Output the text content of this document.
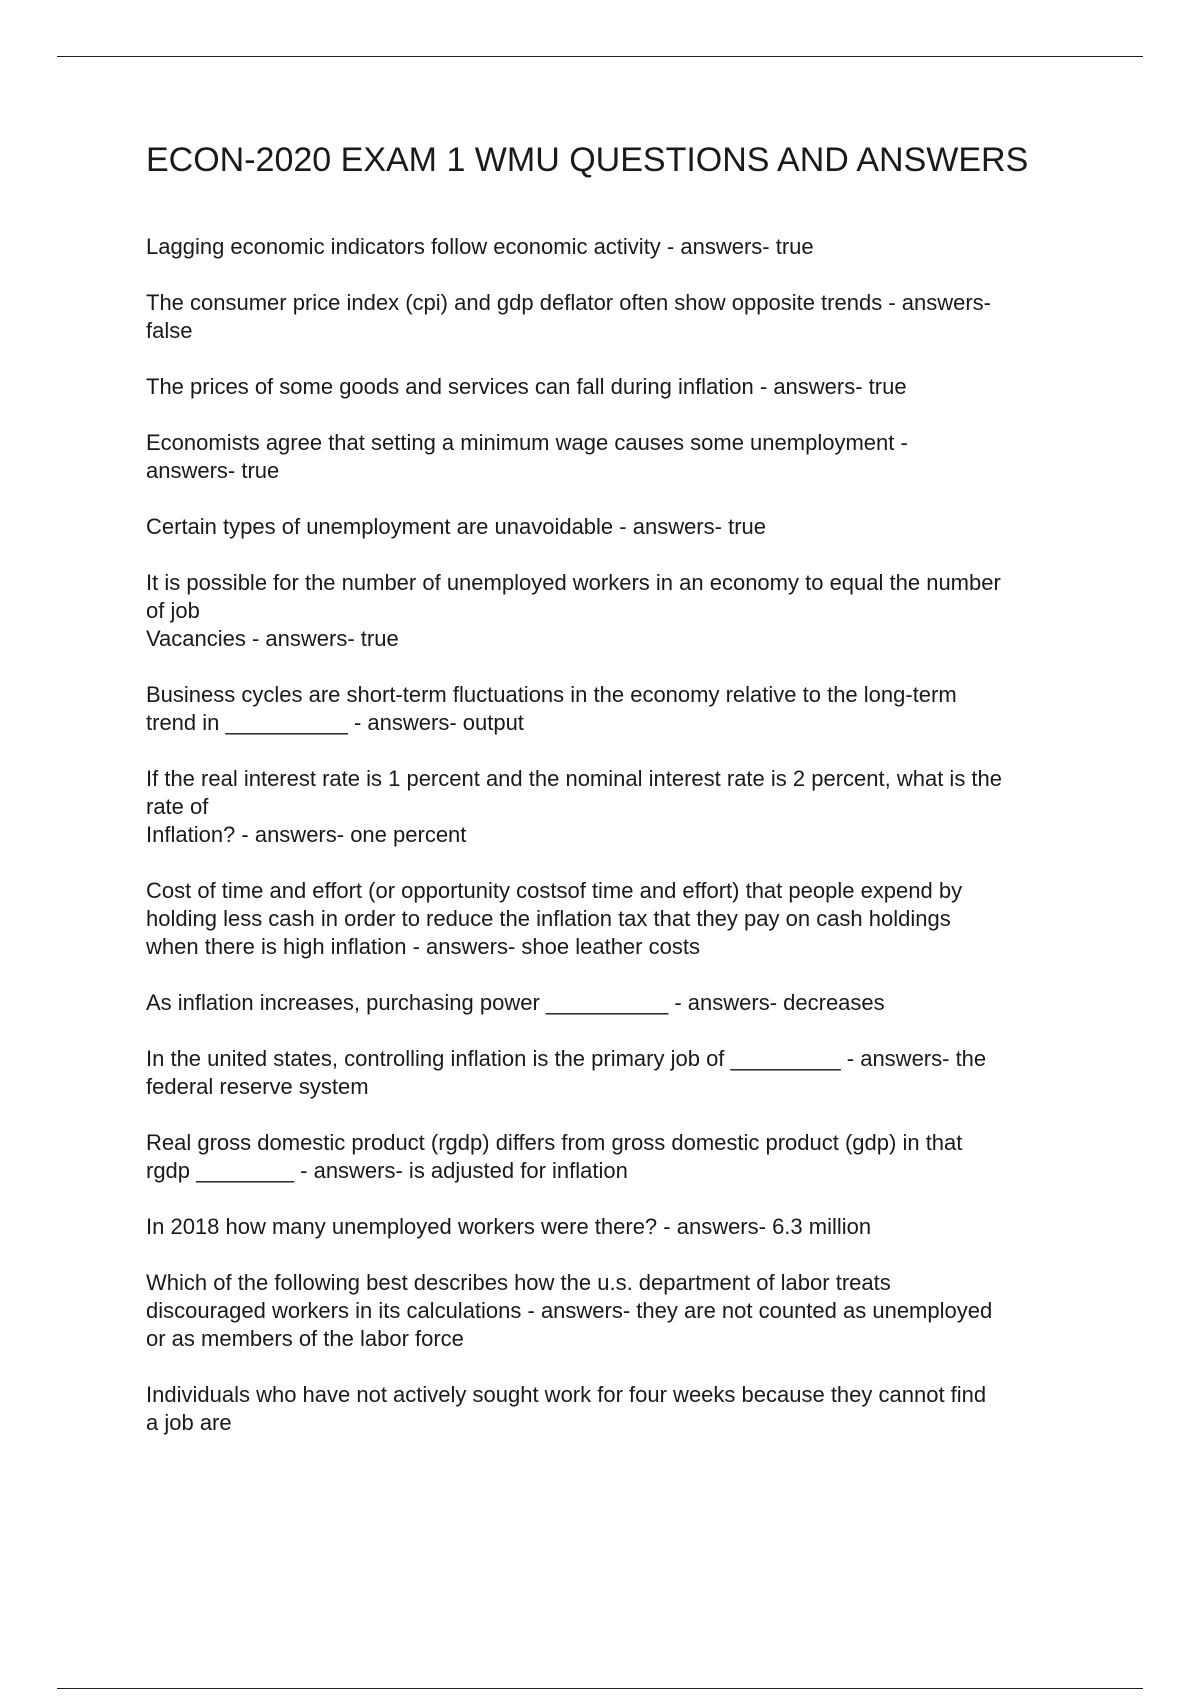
ECON-2020 EXAM 1 WMU QUESTIONS AND ANSWERS
Lagging economic indicators follow economic activity - answers- true
The consumer price index (cpi) and gdp deflator often show opposite trends - answers-
false
The prices of some goods and services can fall during inflation - answers- true
Economists agree that setting a minimum wage causes some unemployment -
answers- true
Certain types of unemployment are unavoidable - answers- true
It is possible for the number of unemployed workers in an economy to equal the number
of job
Vacancies - answers- true
Business cycles are short-term fluctuations in the economy relative to the long-term
trend in __________ - answers- output
If the real interest rate is 1 percent and the nominal interest rate is 2 percent, what is the
rate of
Inflation? - answers- one percent
Cost of time and effort (or opportunity costsof time and effort) that people expend by
holding less cash in order to reduce the inflation tax that they pay on cash holdings
when there is high inflation - answers- shoe leather costs
As inflation increases, purchasing power __________ - answers- decreases
In the united states, controlling inflation is the primary job of _________ - answers- the
federal reserve system
Real gross domestic product (rgdp) differs from gross domestic product (gdp) in that
rgdp ________ - answers- is adjusted for inflation
In 2018 how many unemployed workers were there? - answers- 6.3 million
Which of the following best describes how the u.s. department of labor treats
discouraged workers in its calculations - answers- they are not counted as unemployed
or as members of the labor force
Individuals who have not actively sought work for four weeks because they cannot find
a job are
